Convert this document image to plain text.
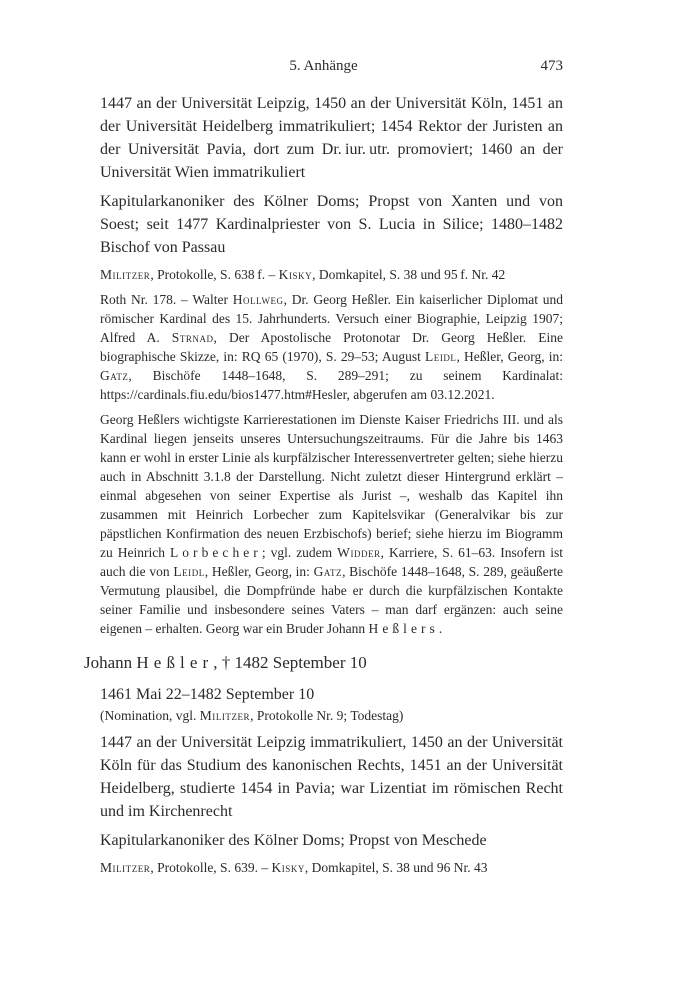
5. Anhänge	473
1447 an der Universität Leipzig, 1450 an der Universität Köln, 1451 an der Universität Heidelberg immatrikuliert; 1454 Rektor der Juristen an der Universität Pavia, dort zum Dr. iur. utr. promoviert; 1460 an der Universität Wien immatrikuliert
Kapitularkanoniker des Kölner Doms; Propst von Xanten und von Soest; seit 1477 Kardinalpriester von S. Lucia in Silice; 1480–1482 Bischof von Passau
Militzer, Protokolle, S. 638 f. – Kisky, Domkapitel, S. 38 und 95 f. Nr. 42
Roth Nr. 178. – Walter Hollweg, Dr. Georg Heßler. Ein kaiserlicher Diplomat und römischer Kardinal des 15. Jahrhunderts. Versuch einer Biographie, Leipzig 1907; Alfred A. Strnad, Der Apostolische Protonotar Dr. Georg Heßler. Eine biographische Skizze, in: RQ 65 (1970), S. 29–53; August Leidl, Heßler, Georg, in: Gatz, Bischöfe 1448–1648, S. 289–291; zu seinem Kardinalat: https://cardinals.fiu.edu/bios1477.htm#Hesler, abgerufen am 03.12.2021.
Georg Heßlers wichtigste Karrierestationen im Dienste Kaiser Friedrichs III. und als Kardinal liegen jenseits unseres Untersuchungszeitraums. Für die Jahre bis 1463 kann er wohl in erster Linie als kurpfälzischer Interessenvertreter gelten; siehe hierzu auch in Abschnitt 3.1.8 der Darstellung. Nicht zuletzt dieser Hintergrund erklärt – einmal abgesehen von seiner Expertise als Jurist –, weshalb das Kapitel ihn zusammen mit Heinrich Lorbecher zum Kapitelsvikar (Generalvikar bis zur päpstlichen Konfirmation des neuen Erzbischofs) berief; siehe hierzu im Biogramm zu Heinrich Lorbecher; vgl. zudem Widder, Karriere, S. 61–63. Insofern ist auch die von Leidl, Heßler, Georg, in: Gatz, Bischöfe 1448–1648, S. 289, geäußerte Vermutung plausibel, die Dompfründe habe er durch die kurpfälzischen Kontakte seiner Familie und insbesondere seines Vaters – man darf ergänzen: auch seine eigenen – erhalten. Georg war ein Bruder Johann Heßlers.
Johann Heßler, † 1482 September 10
1461 Mai 22–1482 September 10
(Nomination, vgl. Militzer, Protokolle Nr. 9; Todestag)
1447 an der Universität Leipzig immatrikuliert, 1450 an der Universität Köln für das Studium des kanonischen Rechts, 1451 an der Universität Heidelberg, studierte 1454 in Pavia; war Lizentiat im römischen Recht und im Kirchenrecht
Kapitularkanoniker des Kölner Doms; Propst von Meschede
Militzer, Protokolle, S. 639. – Kisky, Domkapitel, S. 38 und 96 Nr. 43
